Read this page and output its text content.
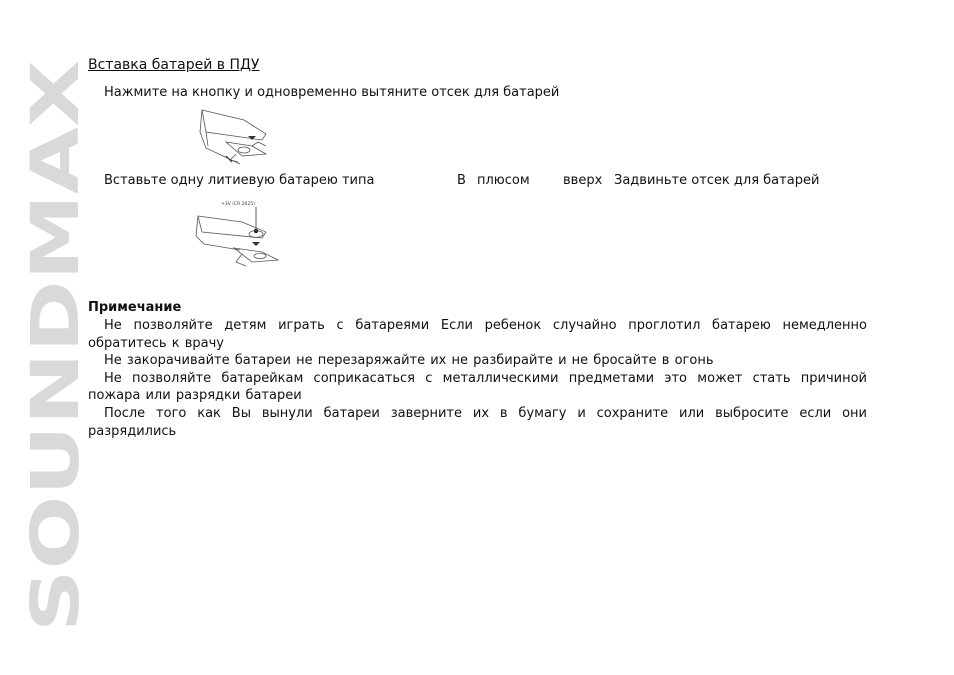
SOUNDMAX
Вставка батарей в ПДУ
Нажмите на кнопку и одновременно вытяните отсек для батарей
Вставьте одну литиевую батарею типа	В плюсом	вверх Задвиньте отсек для батарей
+3V (CR 2025)
Примечание

Не позволяйте детям играть с батареями Если ребенок случайно проглотил батарею немедленно обратитесь к врачу

Не закорачивайте батареи не перезаряжайте их не разбирайте и не бросайте в огонь

Не позволяйте батарейкам соприкасаться с металлическими предметами это может стать причиной пожара или разрядки батареи

После того как Вы вынули батареи заверните их в бумагу и сохраните или выбросите если они разрядились
